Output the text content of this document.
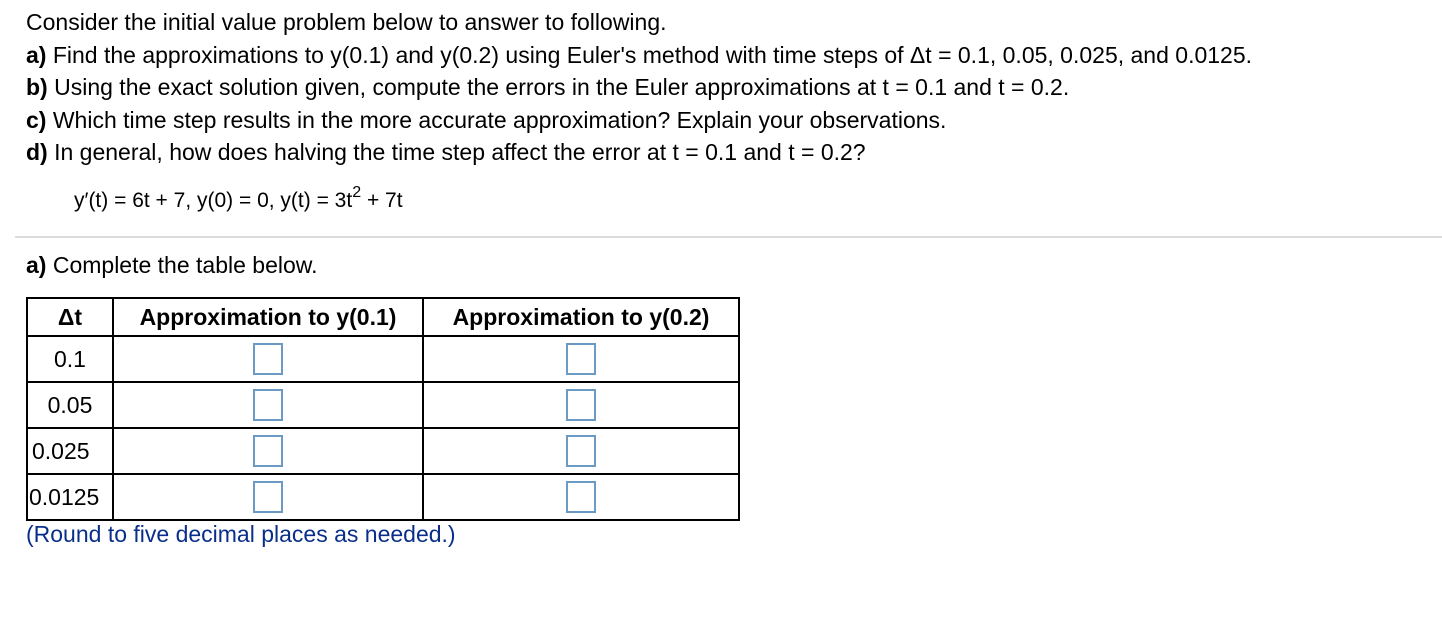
Consider the initial value problem below to answer to following.
a) Find the approximations to y(0.1) and y(0.2) using Euler's method with time steps of Δt = 0.1, 0.05, 0.025, and 0.0125.
b) Using the exact solution given, compute the errors in the Euler approximations at t = 0.1 and t = 0.2.
c) Which time step results in the more accurate approximation? Explain your observations.
d) In general, how does halving the time step affect the error at t = 0.1 and t = 0.2?
y′(t) = 6t + 7, y(0) = 0, $y(t) = 3t^2 + 7t$
a) Complete the table below.
Δt	Approximation to y(0.1)	Approximation to y(0.2)
0.1		
0.05		
0.025		
0.0125		
(Round to five decimal places as needed.)
